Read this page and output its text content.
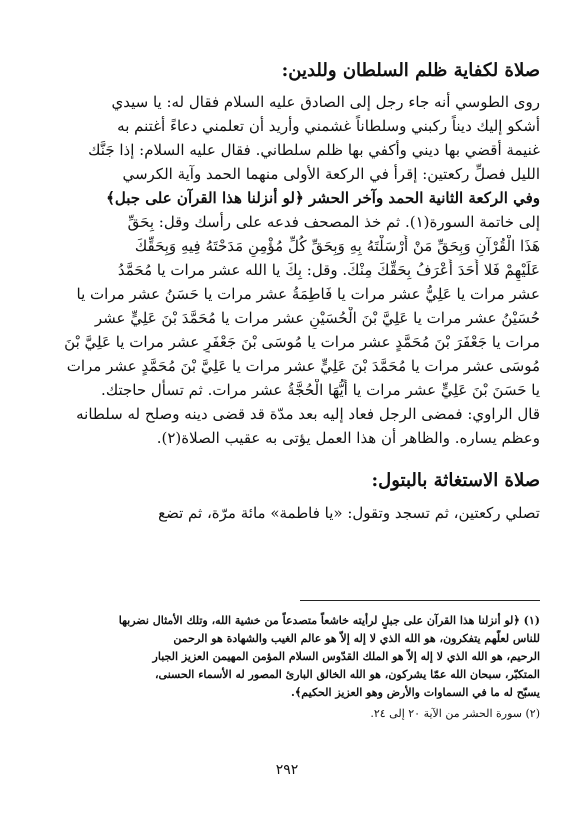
صلاة لكفاية ظلم السلطان وللدين:
روى الطوسي أنه جاء رجل إلى الصادق عليه السلام فقال له: يا سيدي
أشكو إليك ديناً ركبني وسلطاناً غشمني وأريد أن تعلمني دعاءً أغتنم به
غنيمة أقضي بها ديني وأكفي بها ظلم سلطاني. فقال عليه السلام: إذا جَنَّك
الليل فصلِّ ركعتين: إقرأ في الركعة الأولى منهما الحمد وآية الكرسي
وفي الركعة الثانية الحمد وآخر الحشر ﴿لو أنزلنا هذا القرآن على جبل﴾
إلى خاتمة السورة(١). ثم خذ المصحف فدعه على رأسك وقل: بِحَقِّ
هَذَا الْقُرْآنِ وَبِحَقِّ مَنْ أَرْسَلْتَهُ بِهِ وَبِحَقِّ كُلِّ مُؤْمِنٍ مَدَحْتَهُ فِيهِ وَبِحَقِّكَ
عَلَيْهِمْ فَلا أَحَدَ أَعْرَفُ بِحَقِّكَ مِنْكَ. وقل: بِكَ يا الله عشر مرات يا مُحَمَّدُ
عشر مرات يا عَلِيُّ عشر مرات يا فَاطِمَةُ عشر مرات يا حَسَنُ عشر مرات يا
حُسَيْنُ عشر مرات يا عَلِيَّ بْنَ الْحُسَيْنِ عشر مرات يا مُحَمَّدَ بْنَ عَلِيٍّ عشر
مرات يا جَعْفَرَ بْنَ مُحَمَّدٍ عشر مرات يا مُوسَى بْنَ جَعْفَرٍ عشر مرات يا عَلِيَّ بْنَ
مُوسَى عشر مرات يا مُحَمَّدَ بْنَ عَلِيٍّ عشر مرات يا عَلِيَّ بْنَ مُحَمَّدٍ عشر مرات
يا حَسَنَ بْنَ عَلِيٍّ عشر مرات يا أَيُّهَا الْحُجَّةُ عشر مرات. ثم تسأل حاجتك.
قال الراوي: فمضى الرجل فعاد إليه بعد مدّة قد قضى دينه وصلح له سلطانه
وعظم يساره. والظاهر أن هذا العمل يؤتى به عقيب الصلاة(٢).
صلاة الاستغاثة بالبتول:
تصلي ركعتين، ثم تسجد وتقول: «يا فاطمة» مائة مرّة، ثم تضع
(١) ﴿لو أنزلنا هذا القرآن على جبلٍ لرأيته خاشعاً متصدعاً من خشية الله، وتلك الأمثال نضربها
للناس لعلّهم يتفكرون، هو الله الذي لا إله إلاّ هو عالم الغيب والشهادة هو الرحمن
الرحيم، هو الله الذي لا إله إلاّ هو الملك القدّوس السلام المؤمن المهيمن العزيز الجبار
المتكبّر، سبحان الله عمّا يشركون، هو الله الخالق البارئ المصور له الأسماء الحسنى،
يسبّح له ما في السماوات والأرض وهو العزيز الحكيم﴾.
(٢) سورة الحشر من الآية ٢٠ إلى ٢٤.
٢٩٢
